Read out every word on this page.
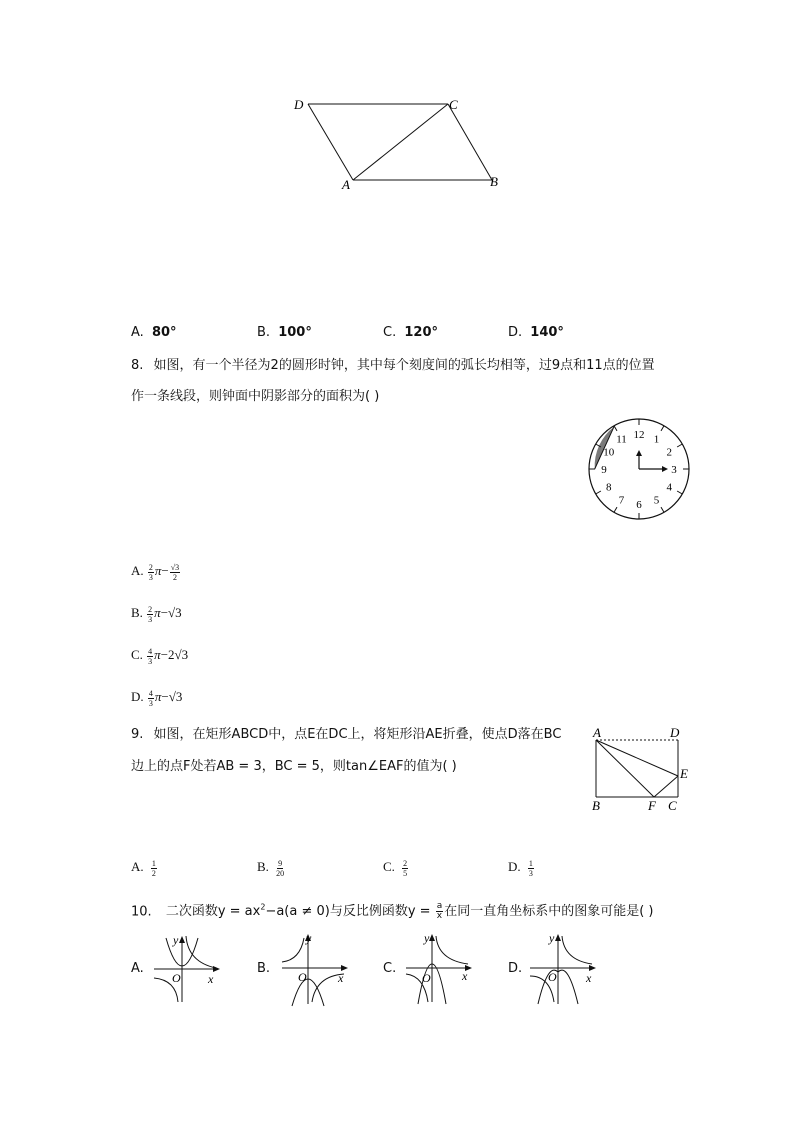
D	C
A	B
A. 80°	B. 100°	C. 120°	D. 140°
8. 如图，有一个半径为2的圆形时钟，其中每个刻度间的弧长均相等，过9点和11点的位置
作一条线段，则钟面中阴影部分的面积为( )
12 1
2
3
4
5
6
7
8
9
10
11
A. $\frac{2}{3} \pi- \frac{√3}{2}$
B. $\frac{2}{3} \pi-√3$
C. $\frac{4}{3} \pi-2√3$
D. $\frac{4}{3} \pi-√3$
9. 如图，在矩形ABCD中，点E在DC上，将矩形沿AE折叠，使点D落在BC
边上的点F处若AB = 3，BC = 5，则tan∠EAF的值为( )
A	D
E
B	F C
A. $\frac{1}{2}$	B. $\frac{9}{20}$	C. $\frac{2}{5}$	D. $\frac{1}{3}$
10. 二次函数$y = ax^2-a(a \ne 0)$与反比例函数$y = \frac{a}{x}$ 在同一直角坐标系中的图象可能是( )
A.
y
O x
B.
y
O	x
C.
y
O	x	D.
y
O x
